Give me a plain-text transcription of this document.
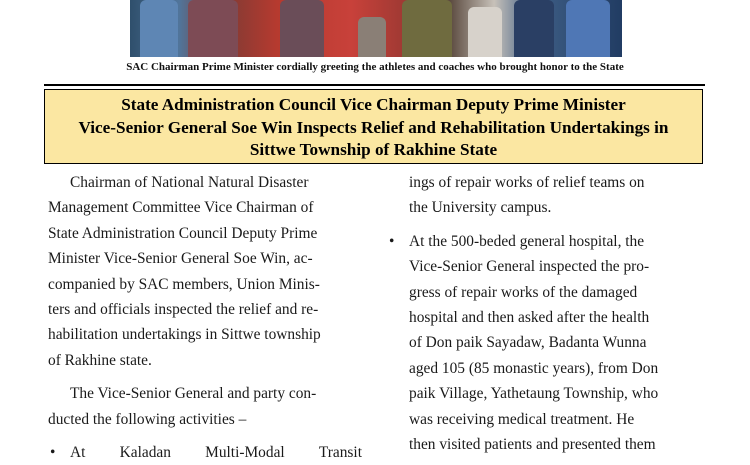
SAC Chairman Prime Minister cordially greeting the athletes and coaches who brought honor to the State
State Administration Council Vice Chairman Deputy Prime Minister
Vice-Senior General Soe Win Inspects Relief and Rehabilitation Undertakings in
Sittwe Township of Rakhine State

Chairman of National Natural Disaster

Management Committee Vice Chairman of

State Administration Council Deputy Prime

Minister Vice-Senior General Soe Win, ac-

companied by SAC members, Union Minis-

ters and officials inspected the relief and re-

habilitation undertakings in Sittwe township

of Rakhine state.

The Vice-Senior General and party con-

ducted the following activities –

• At Kaladan Multi-Modal Transit

ings of repair works of relief teams on

the University campus.

• At the 500-beded general hospital, the

Vice-Senior General inspected the pro-

gress of repair works of the damaged

hospital and then asked after the health

of Don paik Sayadaw, Badanta Wunna

aged 105 (85 monastic years), from Don

paik Village, Yathetaung Township, who

was receiving medical treatment. He

then visited patients and presented them
